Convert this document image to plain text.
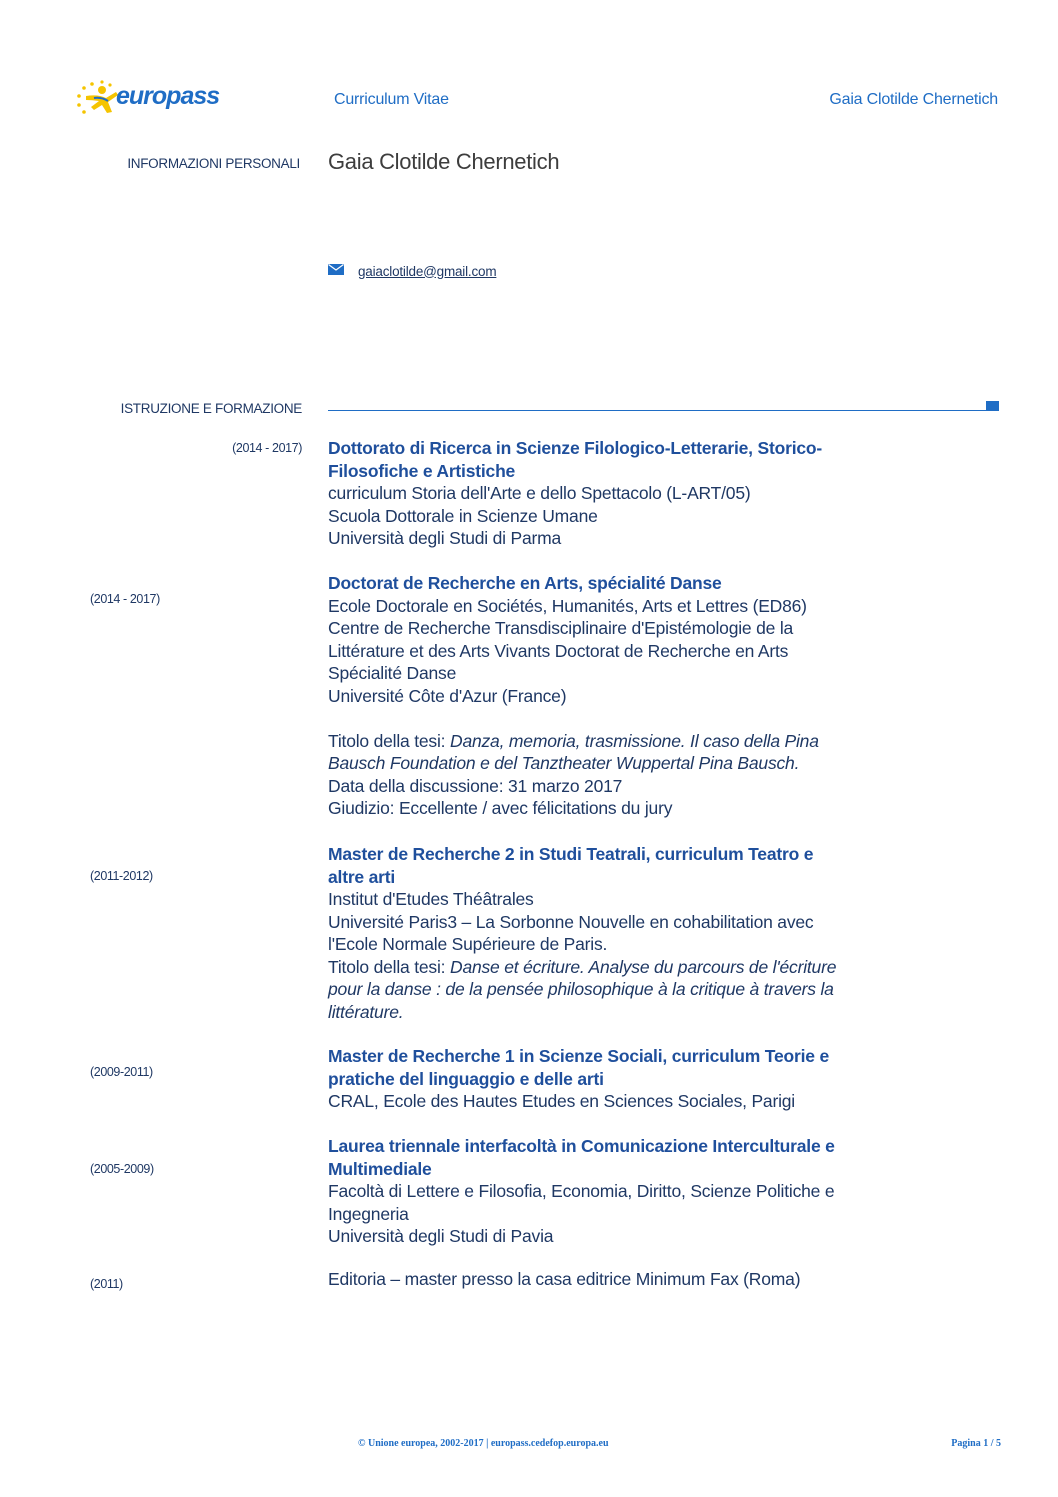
europass	Curriculum Vitae	Gaia Clotilde Chernetich
INFORMAZIONI PERSONALI Gaia Clotilde Chernetich
gaiaclotilde@gmail.com
ISTRUZIONE E FORMAZIONE
(2014 - 2017) Dottorato di Ricerca in Scienze Filologico-Letterarie, Storico-
Filosofiche e Artistiche
curriculum Storia dell'Arte e dello Spettacolo (L-ART/05)
Scuola Dottorale in Scienze Umane
Università degli Studi di Parma
(2014 - 2017)
Doctorat de Recherche en Arts, spécialité Danse
Ecole Doctorale en Sociétés, Humanités, Arts et Lettres (ED86)
Centre de Recherche Transdisciplinaire d'Epistémologie de la
Littérature et des Arts Vivants Doctorat de Recherche en Arts
Spécialité Danse
Université Côte d'Azur (France)
Titolo della tesi: Danza, memoria, trasmissione. Il caso della Pina
Bausch Foundation e del Tanztheater Wuppertal Pina Bausch.
Data della discussione: 31 marzo 2017
Giudizio: Eccellente / avec félicitations du jury
(2011-2012)
Master de Recherche 2 in Studi Teatrali, curriculum Teatro e
altre arti
Institut d'Etudes Théâtrales
Université Paris3 – La Sorbonne Nouvelle en cohabilitation avec
l'Ecole Normale Supérieure de Paris.
Titolo della tesi: Danse et écriture. Analyse du parcours de l'écriture
pour la danse : de la pensée philosophique à la critique à travers la
littérature.
(2009-2011)
Master de Recherche 1 in Scienze Sociali, curriculum Teorie e
pratiche del linguaggio e delle arti
CRAL, Ecole des Hautes Etudes en Sciences Sociales, Parigi
(2005-2009)
Laurea triennale interfacoltà in Comunicazione Interculturale e
Multimediale
Facoltà di Lettere e Filosofia, Economia, Diritto, Scienze Politiche e
Ingegneria
Università degli Studi di Pavia
(2011)	Editoria – master presso la casa editrice Minimum Fax (Roma)
© Unione europea, 2002-2017 | europass.cedefop.europa.eu	Pagina 1 / 5
